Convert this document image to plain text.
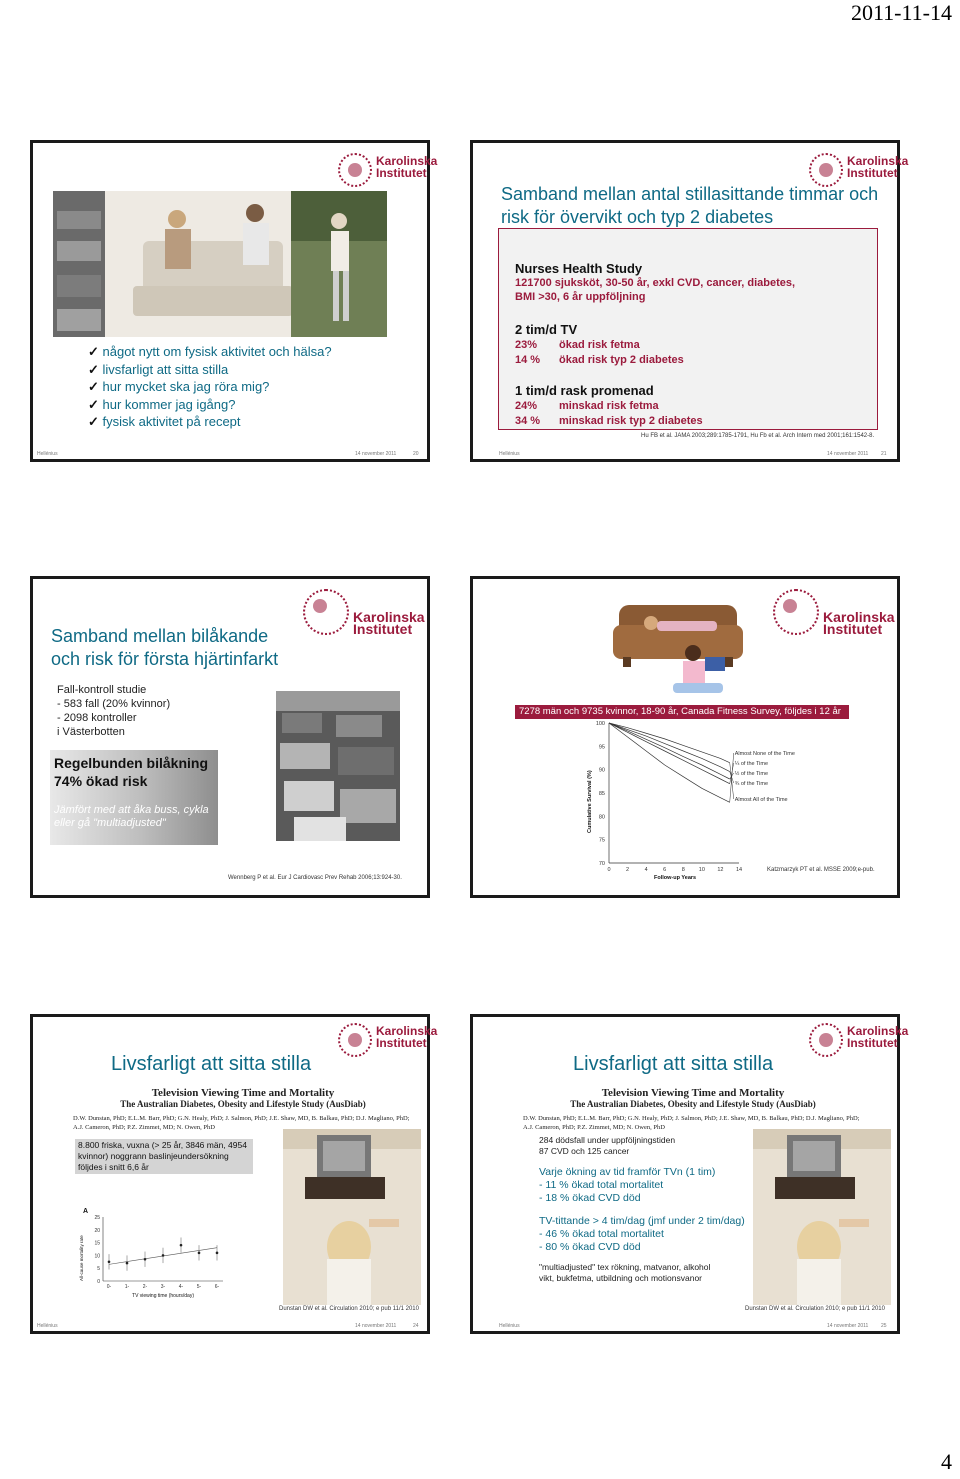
2011-11-14
Karolinska Institutet
✓ något nytt om fysisk aktivitet och hälsa?
✓ livsfarligt att sitta stilla
✓ hur mycket ska jag röra mig?
✓ hur kommer jag igång?
✓ fysisk aktivitet på recept
Hellénius	14 november 2011	20
Karolinska Institutet
Samband mellan antal stillasittande timmar och risk för övervikt och typ 2 diabetes
Nurses Health Study
121700 sjuksköt, 30-50 år, exkl CVD, cancer, diabetes,
BMI >30, 6 år uppföljning
2 tim/d TV
23% ökad risk fetma
14 % ökad risk typ 2 diabetes
1 tim/d rask promenad
24% minskad risk fetma
34 % minskad risk typ 2 diabetes
Hu FB et al. JAMA 2003;289:1785-1791, Hu Fb et al. Arch Intern med 2001;161:1542-8.
Hellénius	14 november 2011	21
Karolinska Institutet
Samband mellan bilåkande och risk för första hjärtinfarkt
Fall-kontroll studie
- 583 fall (20% kvinnor)
- 2098 kontroller
i Västerbotten
Regelbunden bilåkning
74% ökad risk
Jämfört med att åka buss, cykla eller gå "multiadjusted"
Wennberg P et al. Eur J Cardiovasc Prev Rehab 2006;13:924-30.
Karolinska Institutet
7278 män och 9735 kvinnor, 18-90 år, Canada Fitness Survey, följdes i 12 år
70
75
80
85
90
95
100
0	2	4	6	8	10 12 14
Follow-up Years
Cumulative Survival (%)
Almost None of the Time
¼ of the Time
½ of the Time
¾ of the Time
Almost All of the Time
Katzmarzyk PT et al. MSSE 2009;e-pub.
Karolinska Institutet
Livsfarligt att sitta stilla
Television Viewing Time and Mortality
The Australian Diabetes, Obesity and Lifestyle Study (AusDiab)
D.W. Dunstan, PhD; E.L.M. Barr, PhD; G.N. Healy, PhD; J. Salmon, PhD; J.E. Shaw, MD, B. Balkau, PhD; D.J. Magliano, PhD; A.J. Cameron, PhD; P.Z. Zimmet, MD; N. Owen, PhD
8.800 friska, vuxna (> 25 år, 3846 män, 4954 kvinnor) noggrann baslinjeundersökning följdes i snitt 6,6 år
A
0
5
10
15
20
25
0-	1-	2-	3-	4-	5-	6-
TV viewing time (hours/day)
All-cause mortality rate
Dunstan DW et al. Circulation 2010; e pub 11/1 2010
Hellénius	14 november 2011	24
Karolinska Institutet
Livsfarligt att sitta stilla
Television Viewing Time and Mortality
The Australian Diabetes, Obesity and Lifestyle Study (AusDiab)
D.W. Dunstan, PhD; E.L.M. Barr, PhD; G.N. Healy, PhD; J. Salmon, PhD; J.E. Shaw, MD, B. Balkau, PhD; D.J. Magliano, PhD; A.J. Cameron, PhD; P.Z. Zimmet, MD; N. Owen, PhD
284 dödsfall under uppföljningstiden
87 CVD och 125 cancer
Varje ökning av tid framför TVn (1 tim)
- 11 % ökad total mortalitet
- 18 % ökad CVD död
TV-tittande > 4 tim/dag (jmf under 2 tim/dag)
- 46 % ökad total mortalitet
- 80 % ökad CVD död
"multiadjusted" tex rökning, matvanor, alkohol vikt, bukfetma, utbildning och motionsvanor
Dunstan DW et al. Circulation 2010; e pub 11/1 2010
Hellénius	14 november 2011	25
4
